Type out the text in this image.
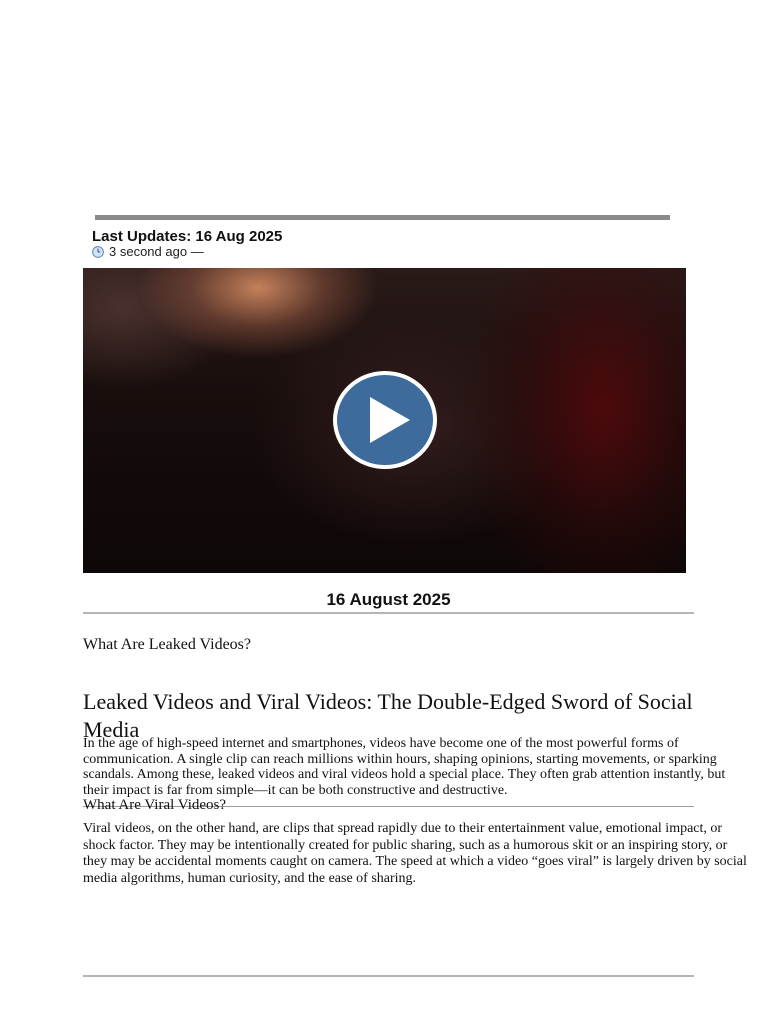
Last Updates: 16 Aug 2025
3 second ago —
16 August 2025
What Are Leaked Videos?
Leaked Videos and Viral Videos: The Double-Edged Sword of Social Media
In the age of high-speed internet and smartphones, videos have become one of the most powerful forms of communication. A single clip can reach millions within hours, shaping opinions, starting movements, or sparking scandals. Among these, leaked videos and viral videos hold a special place. They often grab attention instantly, but their impact is far from simple—it can be both constructive and destructive.
What Are Viral Videos?
Viral videos, on the other hand, are clips that spread rapidly due to their entertainment value, emotional impact, or shock factor. They may be intentionally created for public sharing, such as a humorous skit or an inspiring story, or they may be accidental moments caught on camera. The speed at which a video “goes viral” is largely driven by social media algorithms, human curiosity, and the ease of sharing.
